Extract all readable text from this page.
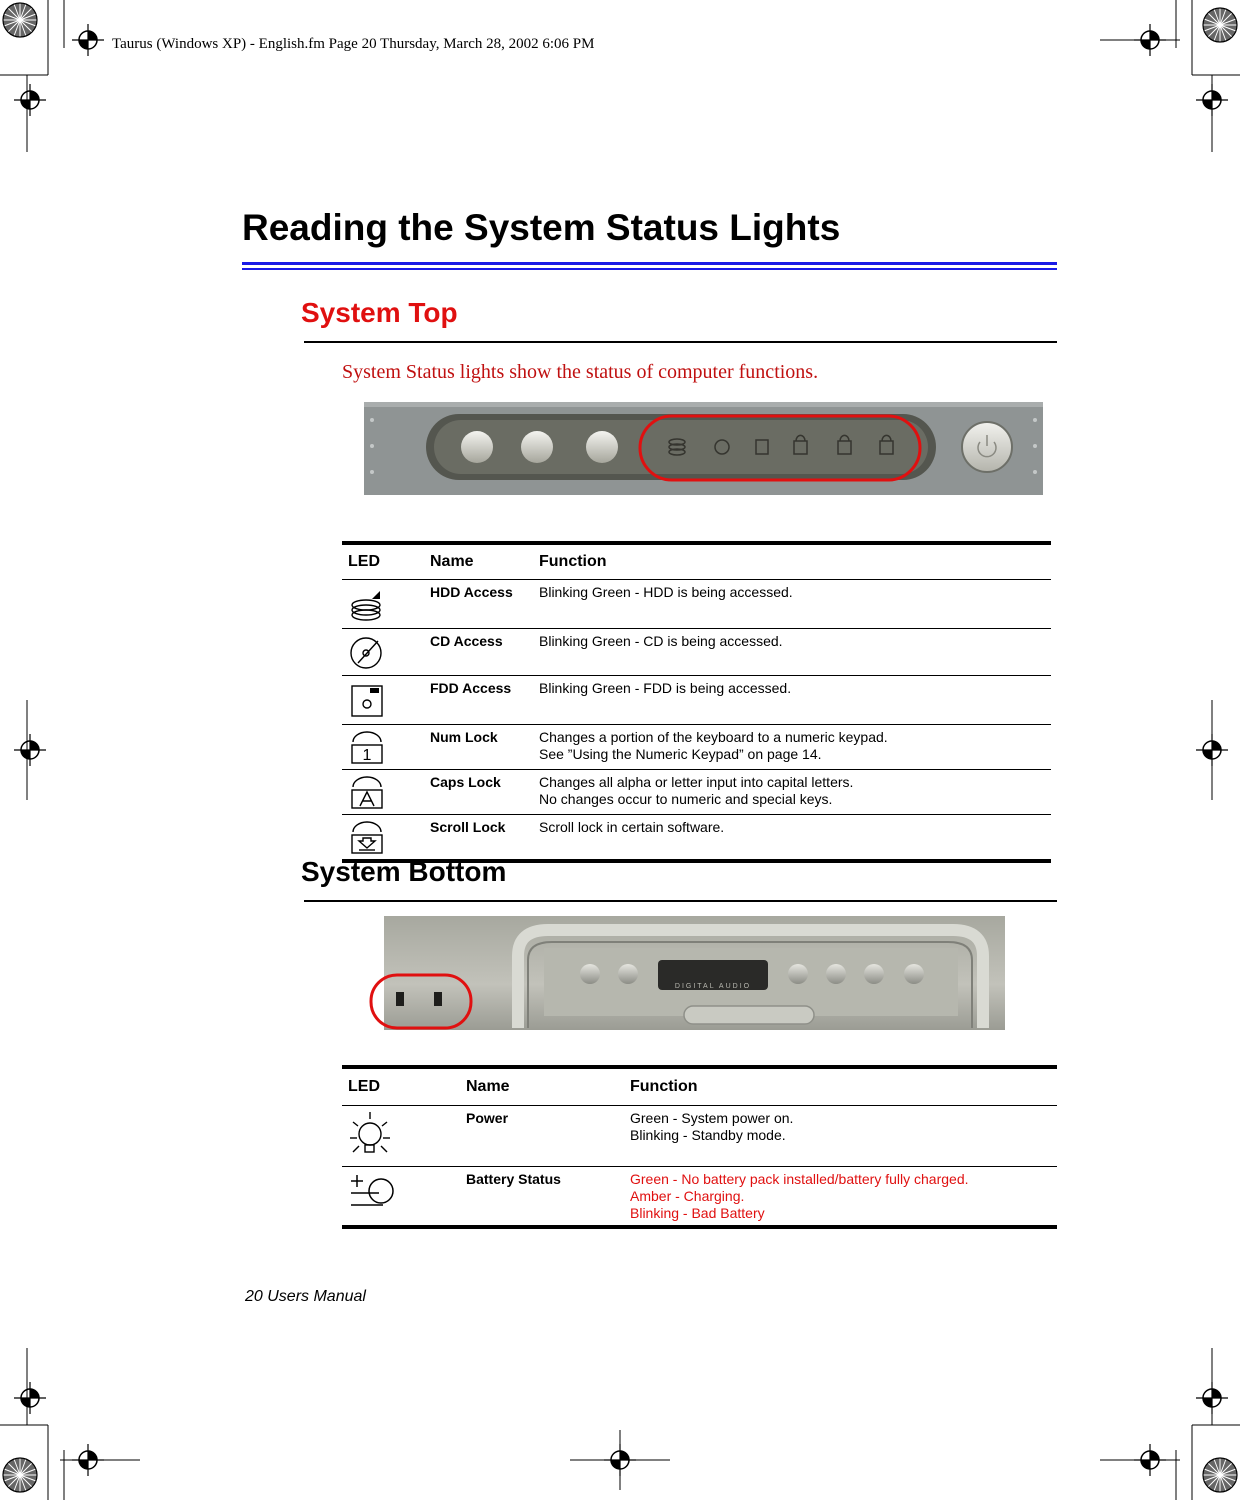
Taurus (Windows XP) - English.fm Page 20 Thursday, March 28, 2002 6:06 PM
Reading the System Status Lights
System Top
System Status lights show the status of computer functions.
LED	Name	Function
	HDD Access	Blinking Green - HDD is being accessed.

	CD Access	Blinking Green - CD is being accessed.

	FDD Access	Blinking Green - FDD is being accessed.

1	Num Lock	Changes a portion of the keyboard to a numeric keypad.
See ”Using the Numeric Keypad” on page 14.

	Caps Lock	Changes all alpha or letter input into capital letters.
No changes occur to numeric and special keys.

	Scroll Lock	Scroll lock in certain software.
System Bottom
DIGITAL AUDIO
LED	Name	Function
	Power	Green - System power on.
Blinking - Standby mode.

	Battery Status	Green - No battery pack installed/battery fully charged.
Amber - Charging.
Blinking - Bad Battery
20 Users Manual
